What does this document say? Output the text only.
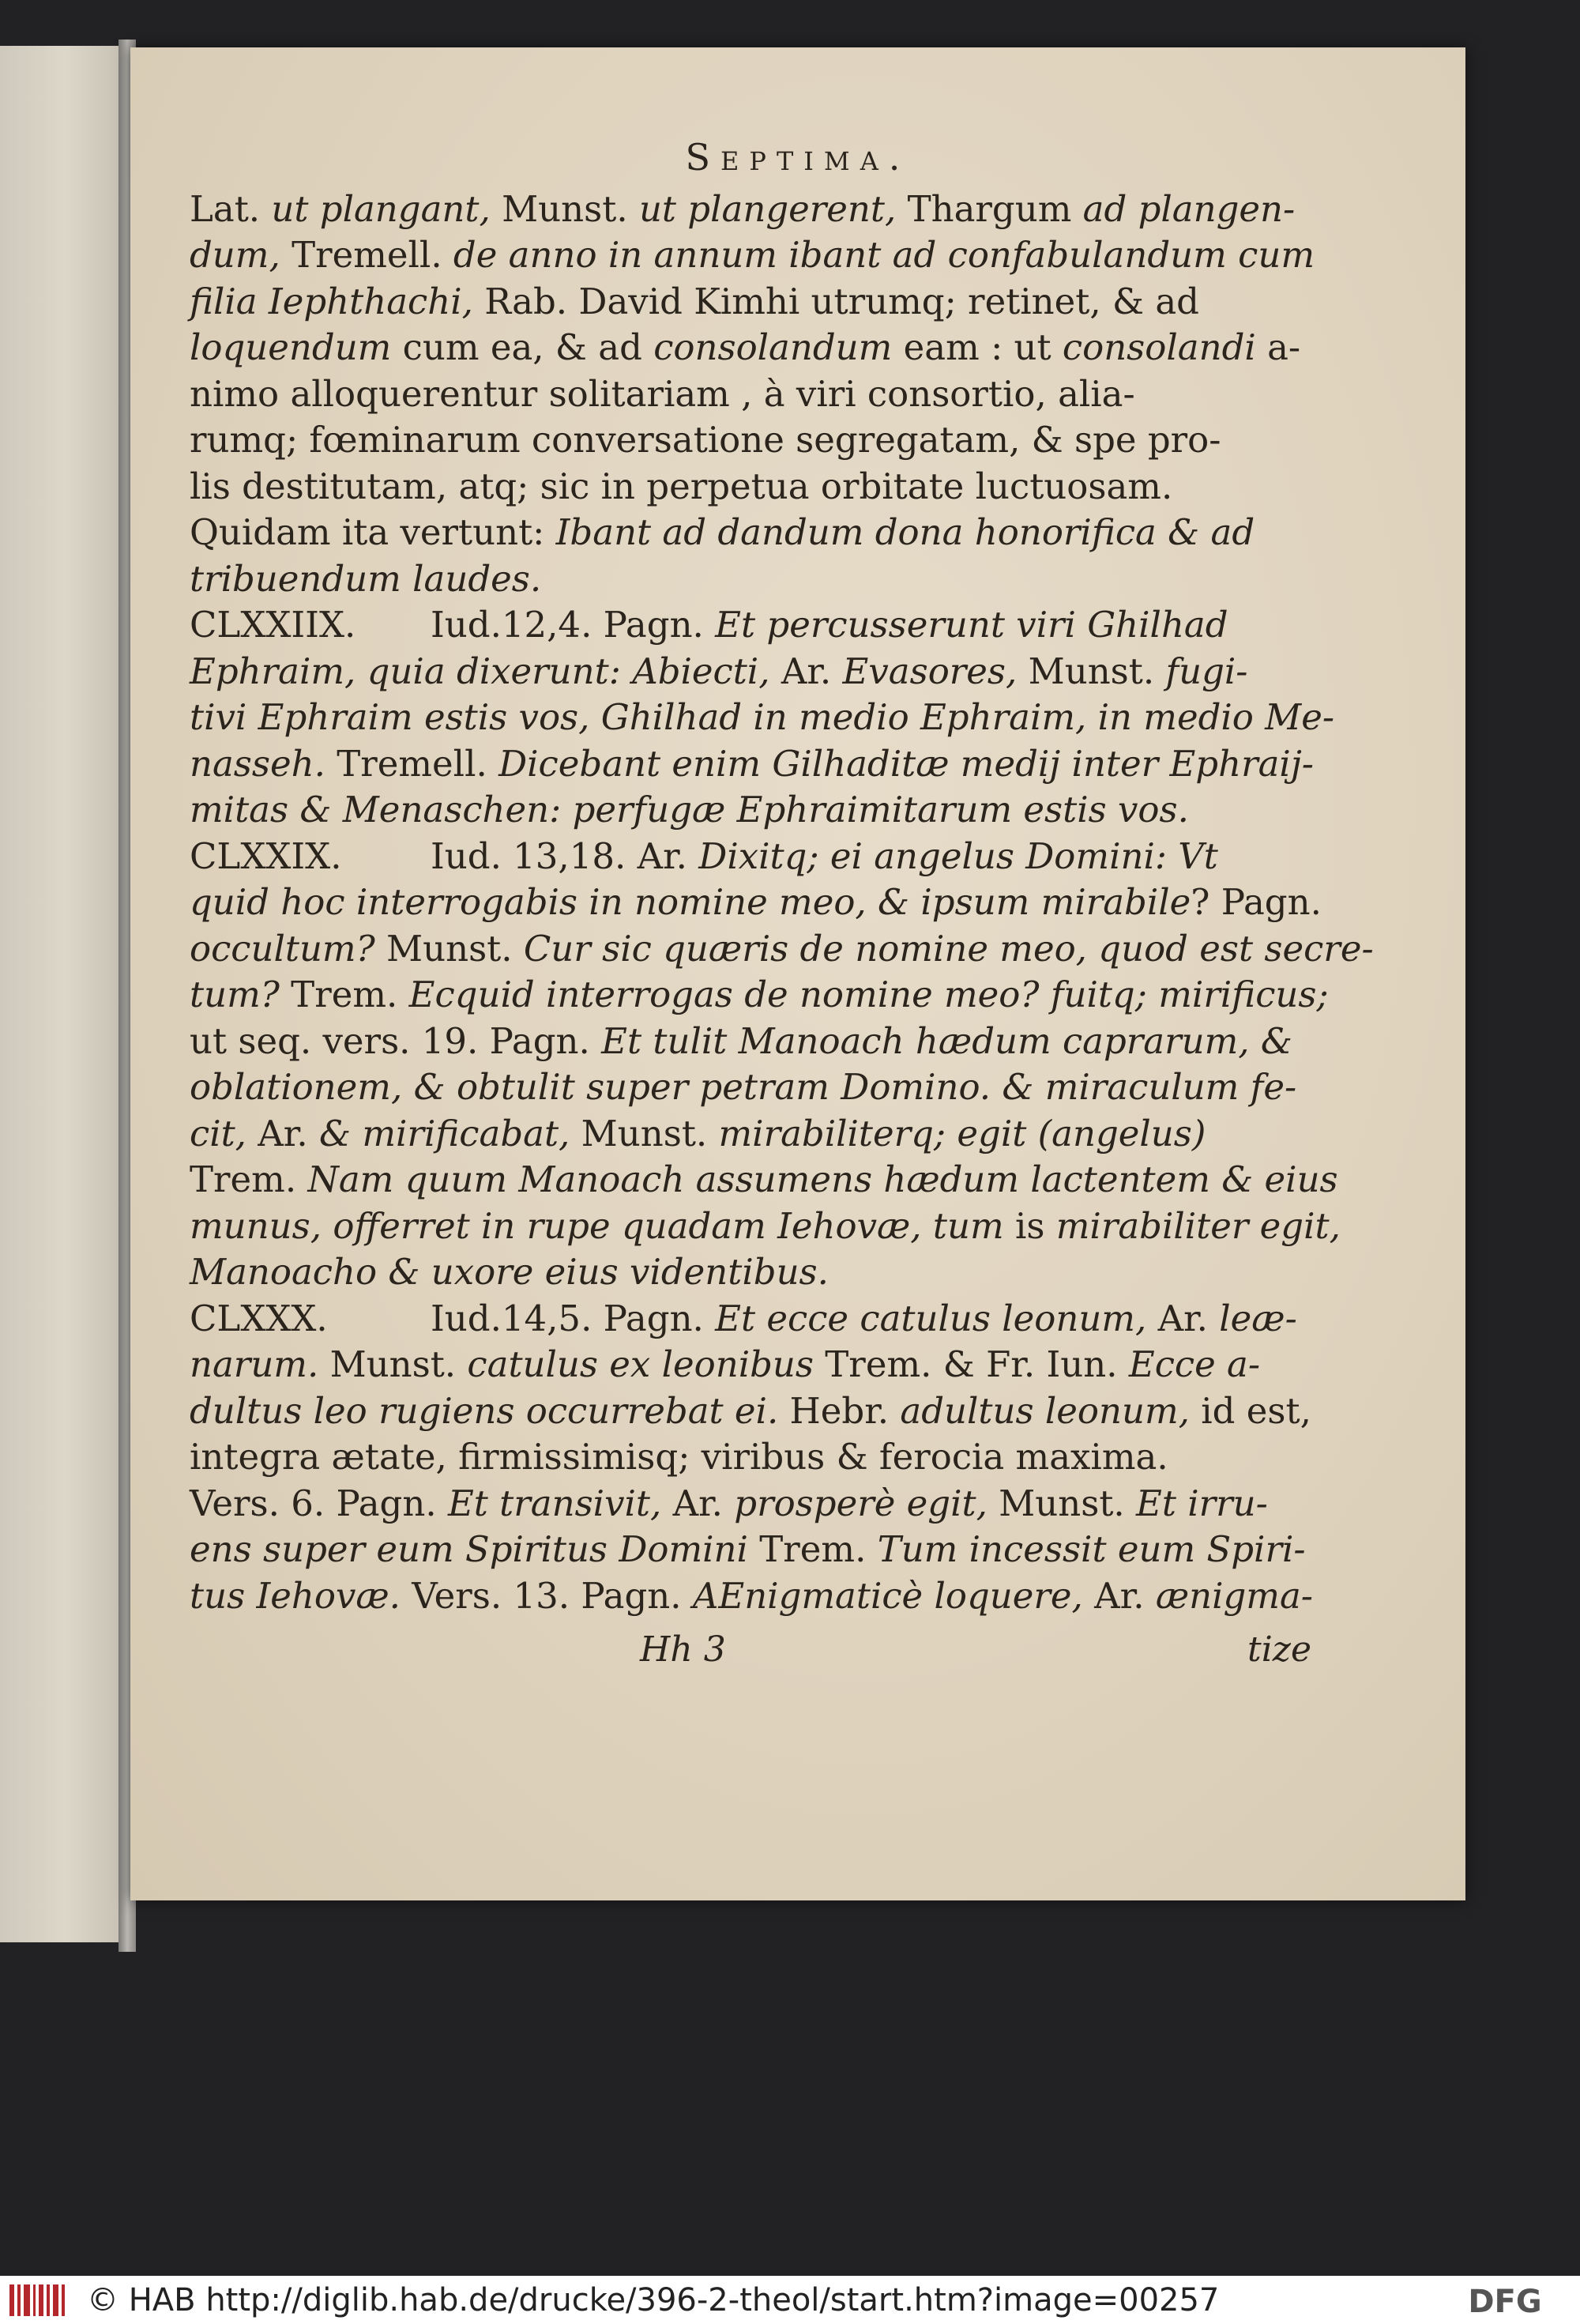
Septima.
Lat. ut plangant, Munst. ut plangerent, Thargum ad plangen-
dum, Tremell. de anno in annum ibant ad confabulandum cum
filia Iephthachi, Rab. David Kimhi utrumq; retinet, & ad
loquendum cum ea, & ad consolandum eam : ut consolandi a-
nimo alloquerentur solitariam , à viri consortio, alia-
rumq; fœminarum conversatione segregatam, & spe pro-
lis destitutam, atq; sic in perpetua orbitate luctuosam.
Quidam ita vertunt: Ibant ad dandum dona honorifica & ad
tribuendum laudes.
CLXXIIX. Iud.12,4. Pagn. Et percusserunt viri Ghilhad
Ephraim, quia dixerunt: Abiecti, Ar. Evasores, Munst. fugi-
tivi Ephraim estis vos, Ghilhad in medio Ephraim, in medio Me-
nasseh. Tremell. Dicebant enim Gilhaditæ medij inter Ephraij-
mitas & Menaschen: perfugæ Ephraimitarum estis vos.
CLXXIX. Iud. 13,18. Ar. Dixitq; ei angelus Domini: Vt
quid hoc interrogabis in nomine meo, & ipsum mirabile? Pagn.
occultum? Munst. Cur sic quæris de nomine meo, quod est secre-
tum? Trem. Ecquid interrogas de nomine meo? fuitq; mirificus;
ut seq. vers. 19. Pagn. Et tulit Manoach hædum caprarum, &
oblationem, & obtulit super petram Domino. & miraculum fe-
cit, Ar. & mirificabat, Munst. mirabiliterq; egit (angelus)
Trem. Nam quum Manoach assumens hædum lactentem & eius
munus, offerret in rupe quadam Iehovæ, tum is mirabiliter egit,
Manoacho & uxore eius videntibus.
CLXXX.	Iud.14,5. Pagn. Et ecce catulus leonum, Ar. leæ-
narum. Munst. catulus ex leonibus Trem. & Fr. Iun. Ecce a-
dultus leo rugiens occurrebat ei. Hebr. adultus leonum, id est,
integra ætate, firmissimisq; viribus & ferocia maxima.
Vers. 6. Pagn. Et transivit, Ar. prosperè egit, Munst. Et irru-
ens super eum Spiritus Domini Trem. Tum incessit eum Spiri-
tus Iehovæ. Vers. 13. Pagn. AEnigmaticè loquere, Ar. ænigma-
Hh 3	tize
© HAB http://diglib.hab.de/drucke/396-2-theol/start.htm?image=00257	DFG
